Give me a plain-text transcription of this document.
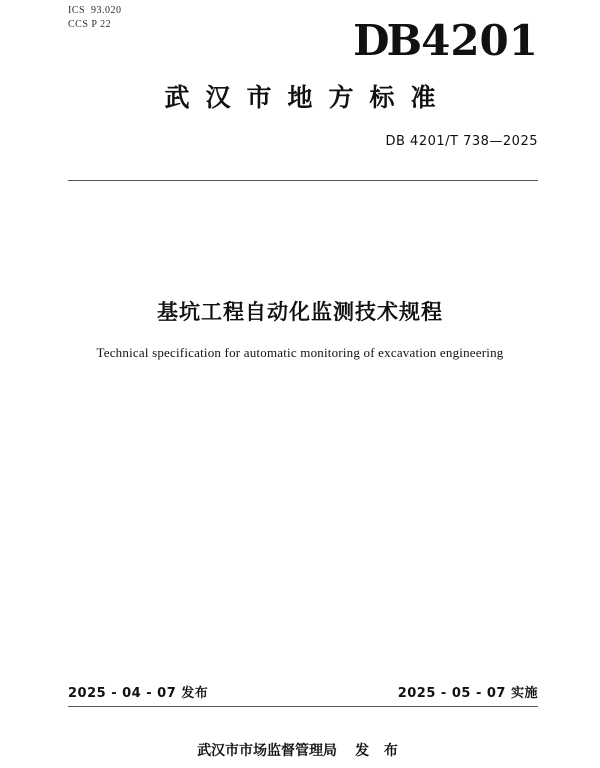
ICS  93.020
CCS P 22	DB4201
武汉市地方标准
DB 4201/T 738—2025
基坑工程自动化监测技术规程
Technical specification for automatic monitoring of excavation engineering
2025 - 04 - 07 发布	2025 - 05 - 07 实施
武汉市市场监督管理局 发 布
